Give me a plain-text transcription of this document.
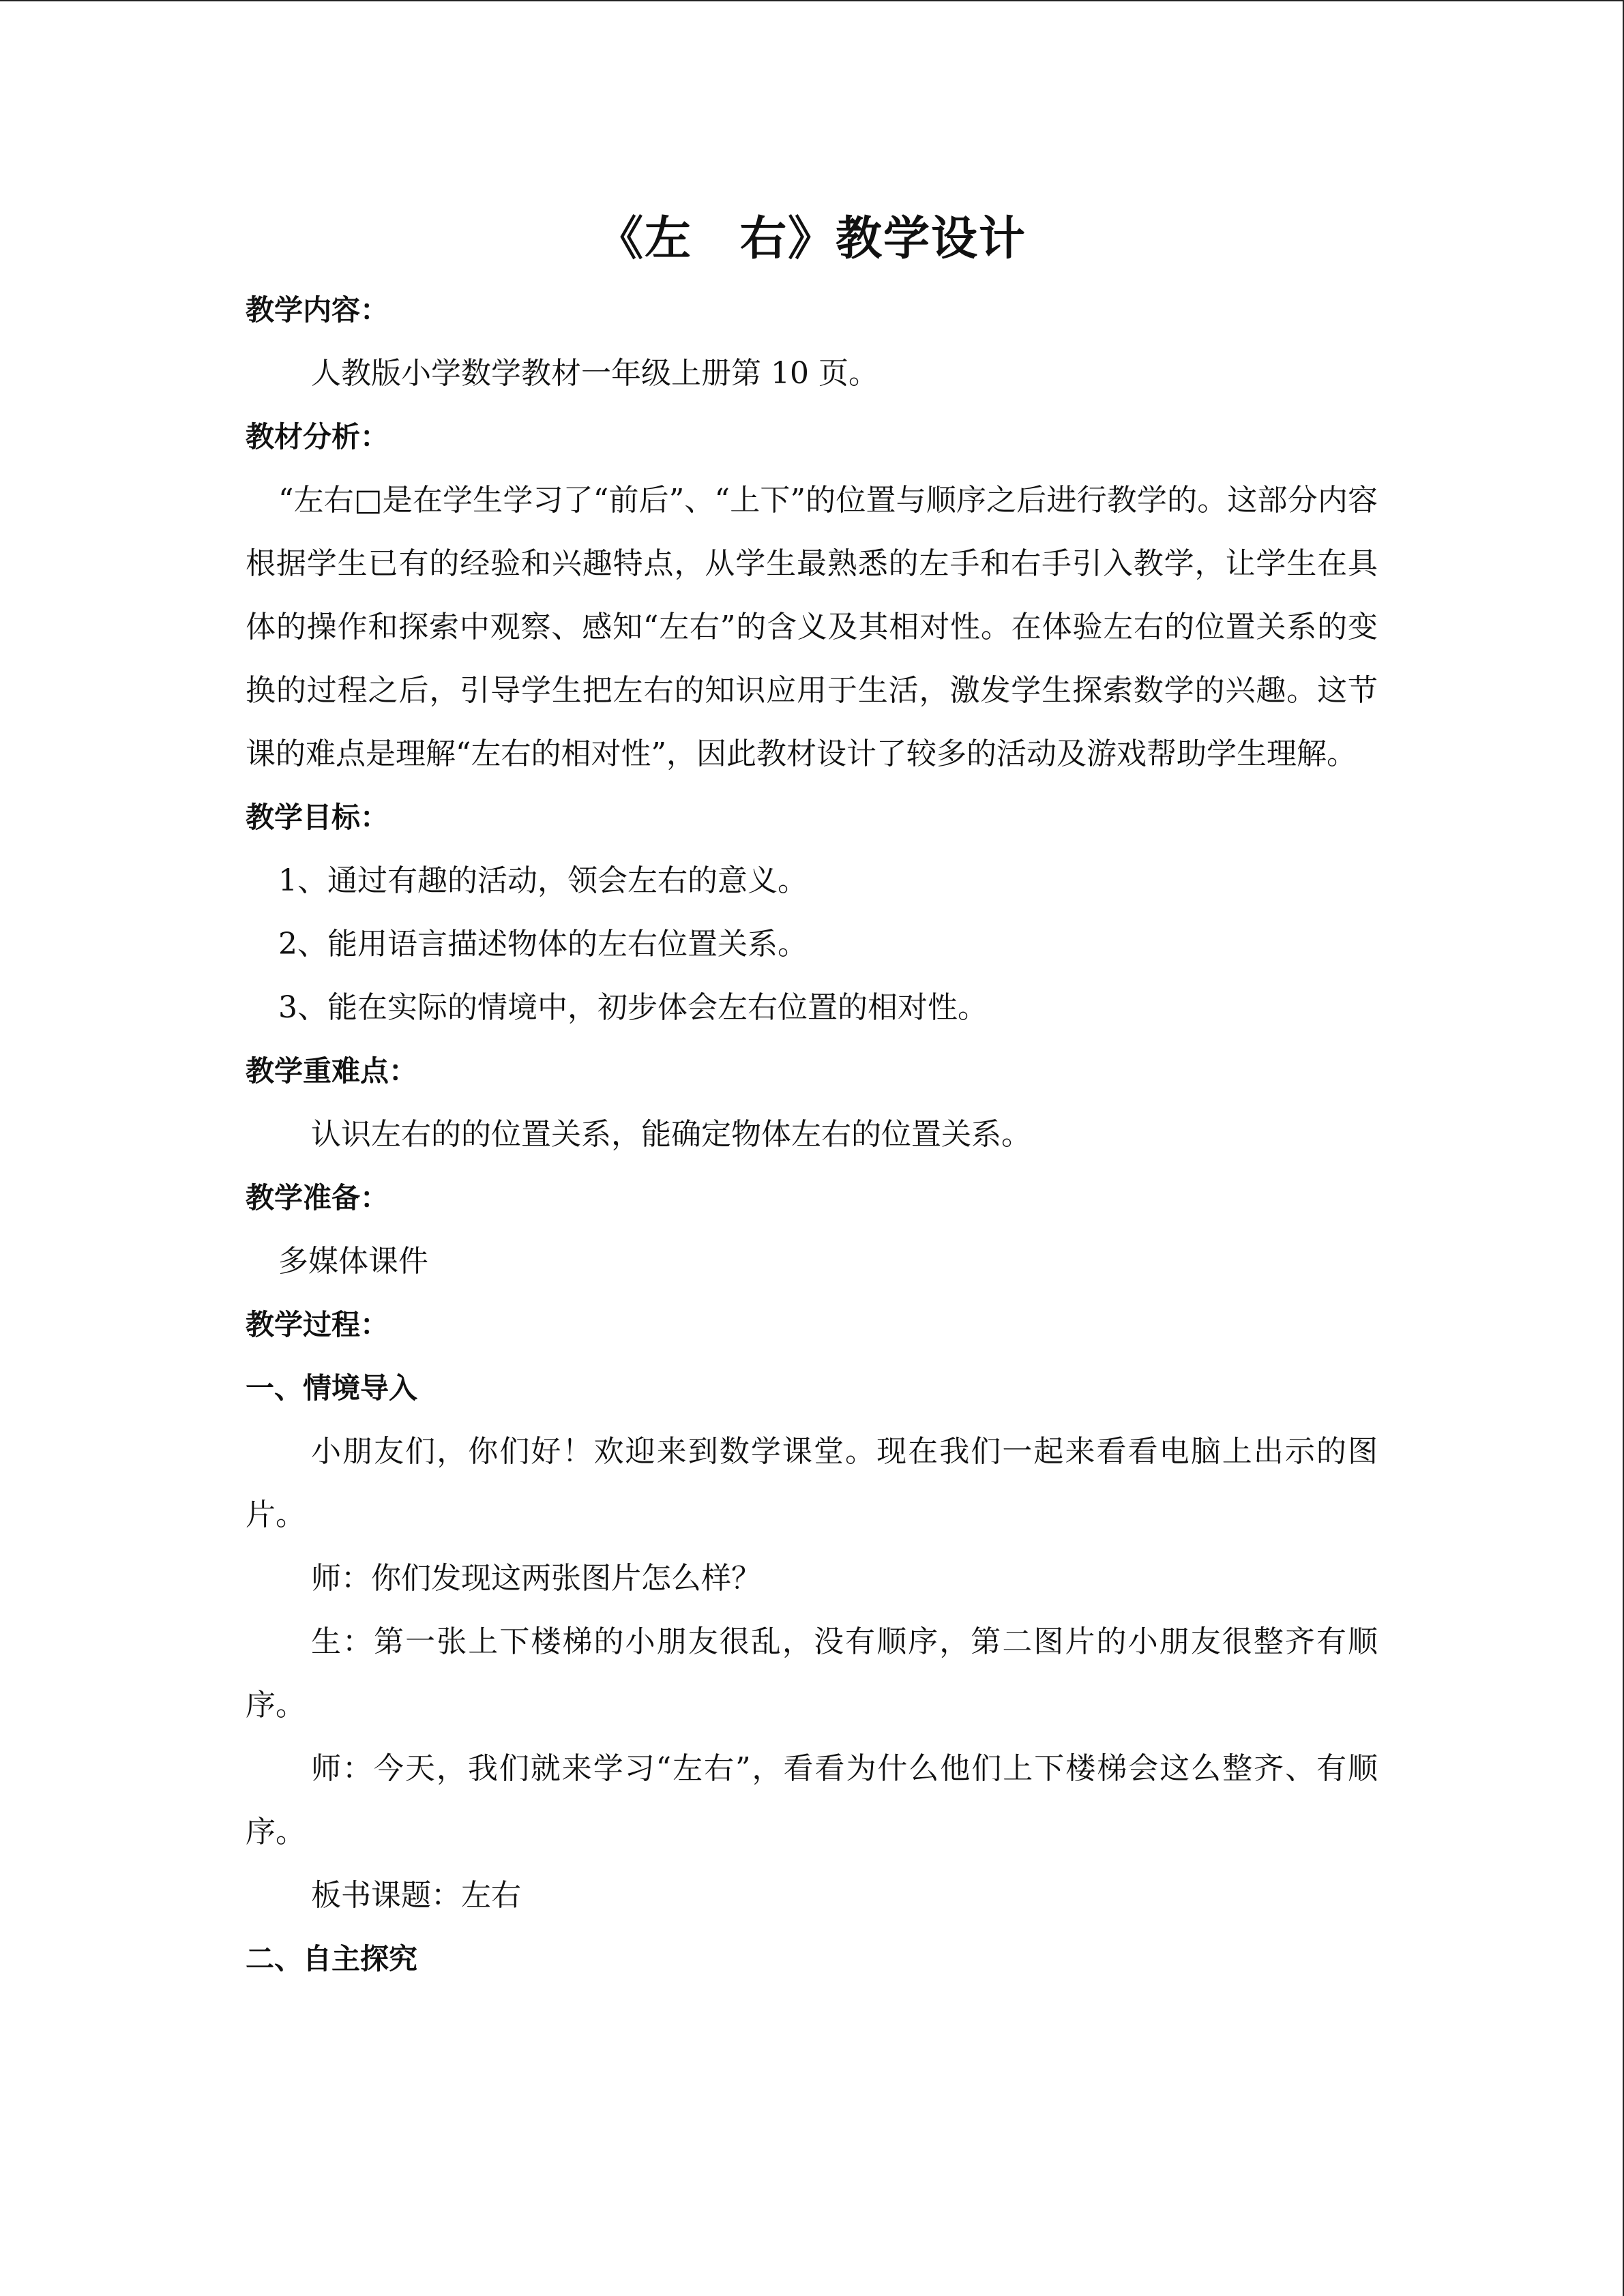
《左　右》教学设计

教学内容：

人教版小学数学教材一年级上册第 10 页。

教材分析：

“左右□是在学生学习了“前后”、“上下”的位置与顺序之后进行教学的。这部分内容根据学生已有的经验和兴趣特点，从学生最熟悉的左手和右手引入教学，让学生在具体的操作和探索中观察、感知“左右”的含义及其相对性。在体验左右的位置关系的变换的过程之后，引导学生把左右的知识应用于生活，激发学生探索数学的兴趣。这节课的难点是理解“左右的相对性”，因此教材设计了较多的活动及游戏帮助学生理解。

教学目标：

1、通过有趣的活动，领会左右的意义。
2、能用语言描述物体的左右位置关系。
3、能在实际的情境中，初步体会左右位置的相对性。

教学重难点：

认识左右的的位置关系，能确定物体左右的位置关系。

教学准备：

多媒体课件

教学过程：

一、情境导入

小朋友们，你们好！欢迎来到数学课堂。现在我们一起来看看电脑上出示的图片。

师：你们发现这两张图片怎么样？

生：第一张上下楼梯的小朋友很乱，没有顺序，第二图片的小朋友很整齐有顺序。

师：今天，我们就来学习“左右”，看看为什么他们上下楼梯会这么整齐、有顺序。

板书课题：左右

二、自主探究
